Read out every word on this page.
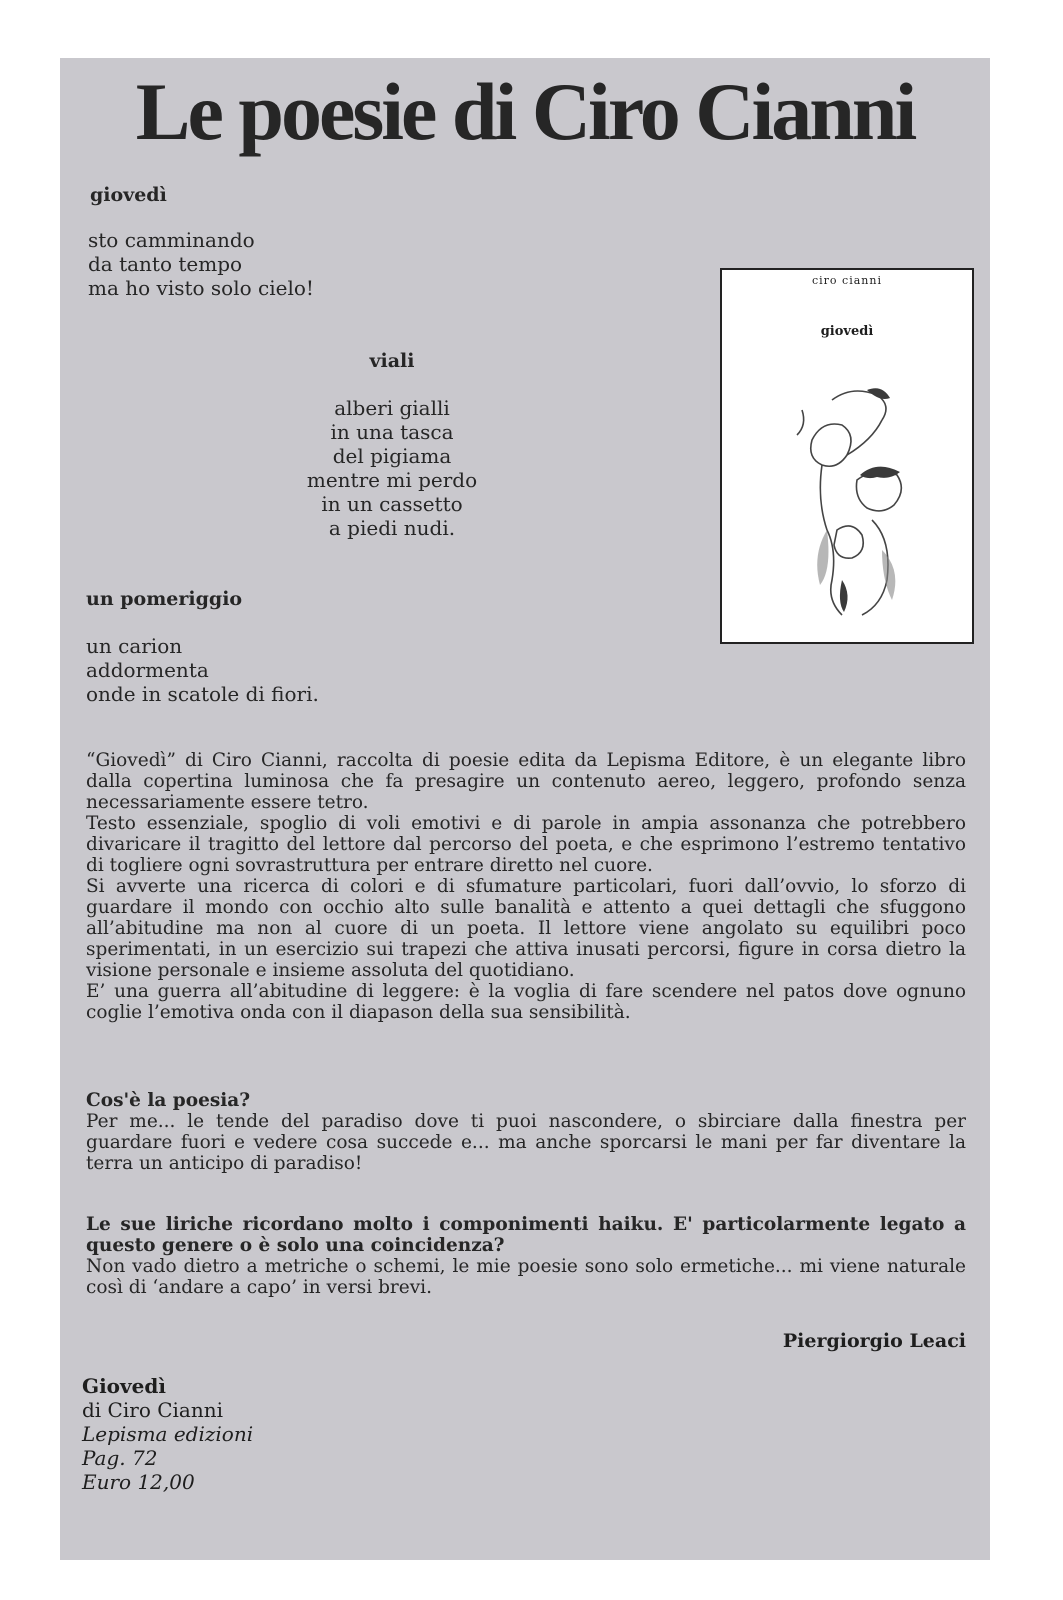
Le poesie di Ciro Cianni
giovedì
sto camminando
da tanto tempo
ma ho visto solo cielo!
viali
alberi gialli
in una tasca
del pigiama
mentre mi perdo
in un cassetto
a piedi nudi.
un pomeriggio
un carion
addormenta
onde in scatole di fiori.
ciro cianni
giovedì

“Giovedì” di Ciro Cianni, raccolta di poesie edita da Lepisma Editore, è un elegante libro dalla copertina luminosa che fa presagire un contenuto aereo, leggero, profondo senza necessariamente essere tetro.

Testo essenziale, spoglio di voli emotivi e di parole in ampia assonanza che potrebbero divaricare il tragitto del lettore dal percorso del poeta, e che esprimono l’estremo tentativo di togliere ogni sovrastruttura per entrare diretto nel cuore.

Si avverte una ricerca di colori e di sfumature particolari, fuori dall’ovvio, lo sforzo di guardare il mondo con occhio alto sulle banalità e attento a quei dettagli che sfuggono all’abitudine ma non al cuore di un poeta. Il lettore viene angolato su equilibri poco sperimentati, in un esercizio sui trapezi che attiva inusati percorsi, figure in corsa dietro la visione personale e insieme assoluta del quotidiano.

E’ una guerra all’abitudine di leggere: è la voglia di fare scendere nel patos dove ognuno coglie l’emotiva onda con il diapason della sua sensibilità.

Cos'è la poesia?

Per me... le tende del paradiso dove ti puoi nascondere, o sbirciare dalla finestra per guardare fuori e vedere cosa succede e... ma anche sporcarsi le mani per far diventare la terra un anticipo di paradiso!

Le sue liriche ricordano molto i componimenti haiku. E' particolarmente legato a questo genere o è solo una coincidenza?

Non vado dietro a metriche o schemi, le mie poesie sono solo ermetiche... mi viene naturale così di ‘andare a capo’ in versi brevi.

Piergiorgio Leaci
Giovedì
di Ciro Cianni
Lepisma edizioni
Pag. 72
Euro 12,00
